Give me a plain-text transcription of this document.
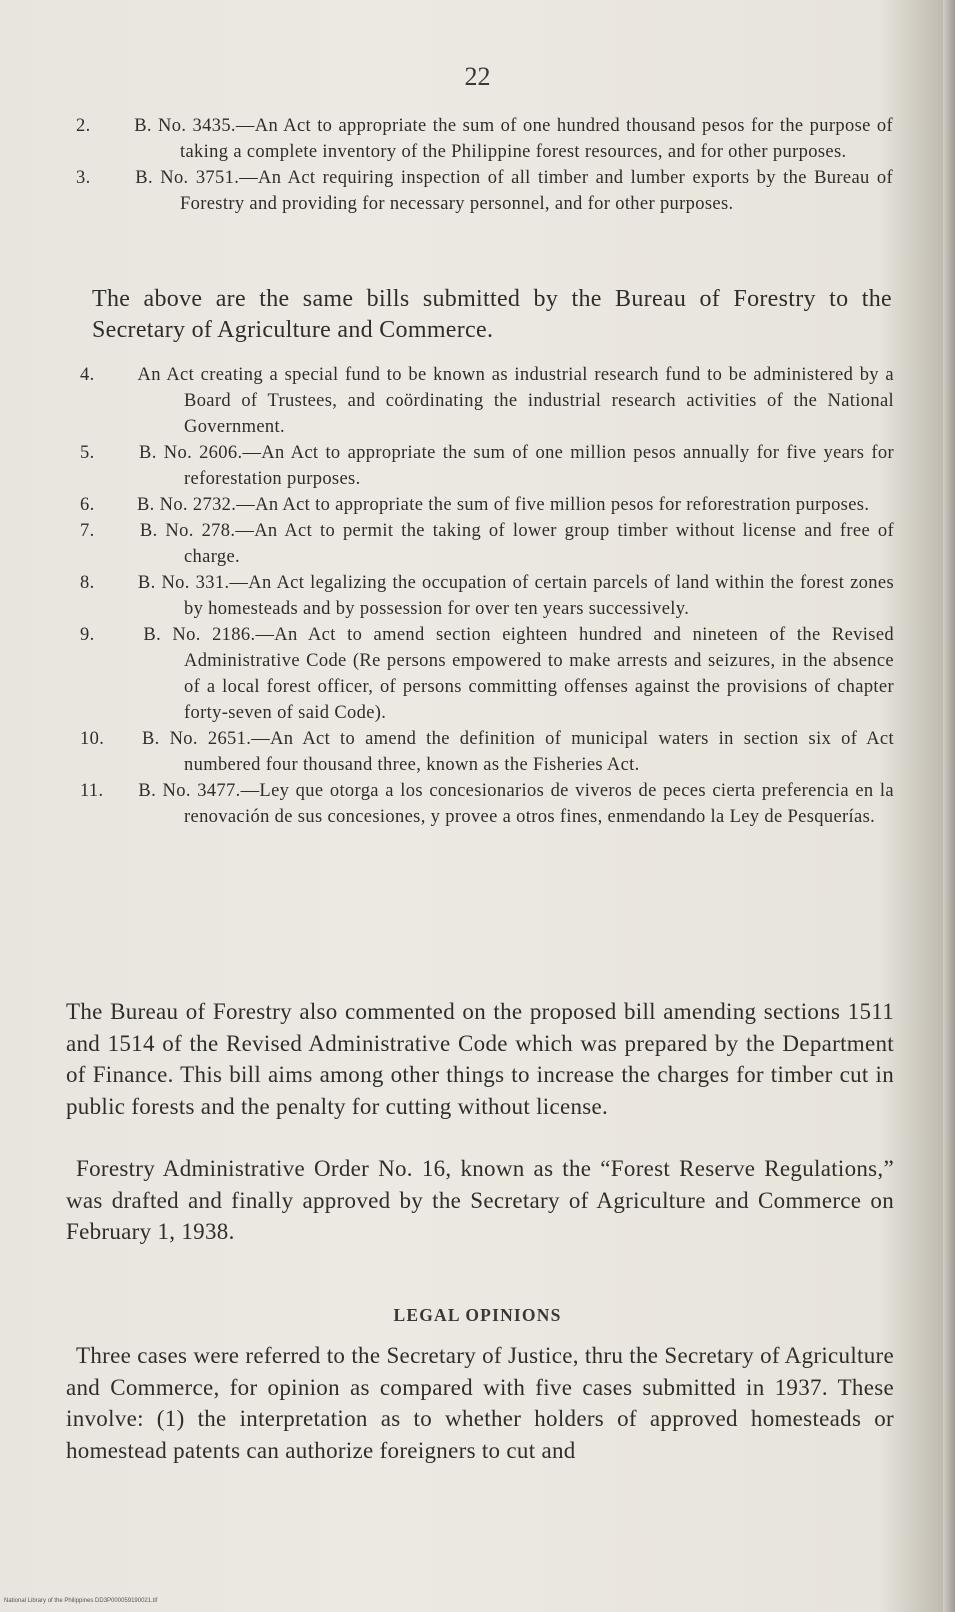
22
2. B. No. 3435.—An Act to appropriate the sum of one hundred thousand pesos for the purpose of taking a complete inventory of the Philippine forest resources, and for other purposes.
3. B. No. 3751.—An Act requiring inspection of all timber and lumber exports by the Bureau of Forestry and providing for necessary personnel, and for other purposes.

The above are the same bills submitted by the Bureau of Forestry to the Secretary of Agriculture and Commerce.

4. An Act creating a special fund to be known as industrial research fund to be administered by a Board of Trustees, and coördinating the industrial research activities of the National Government.
5. B. No. 2606.—An Act to appropriate the sum of one million pesos annually for five years for reforestation purposes.
6. B. No. 2732.—An Act to appropriate the sum of five million pesos for reforestration purposes.
7. B. No. 278.—An Act to permit the taking of lower group timber without license and free of charge.
8. B. No. 331.—An Act legalizing the occupation of certain parcels of land within the forest zones by homesteads and by possession for over ten years successively.
9.	B. No. 2186.—An Act to amend section eighteen hundred and nineteen of the Revised Administrative Code (Re persons empowered to make arrests and seizures, in the absence of a local forest officer, of persons committing offenses against the provisions of chapter forty-seven of said Code).
10. B. No. 2651.—An Act to amend the definition of municipal waters in section six of Act numbered four thousand three, known as the Fisheries Act.
11. B. No. 3477.—Ley que otorga a los concesionarios de viveros de peces cierta preferencia en la renovación de sus concesiones, y provee a otros fines, enmendando la Ley de Pesquerías.

The Bureau of Forestry also commented on the proposed bill amending sections 1511 and 1514 of the Revised Administrative Code which was prepared by the Department of Finance. This bill aims among other things to increase the charges for timber cut in public forests and the penalty for cutting without license.

Forestry Administrative Order No. 16, known as the “Forest Reserve Regulations,” was drafted and finally approved by the Secretary of Agriculture and Commerce on February 1, 1938.

LEGAL OPINIONS

Three cases were referred to the Secretary of Justice, thru the Secretary of Agriculture and Commerce, for opinion as compared with five cases submitted in 1937. These involve: (1) the interpretation as to whether holders of approved homesteads or homestead patents can authorize foreigners to cut and

National Library of the Philippines DD3P000059190021.tif
